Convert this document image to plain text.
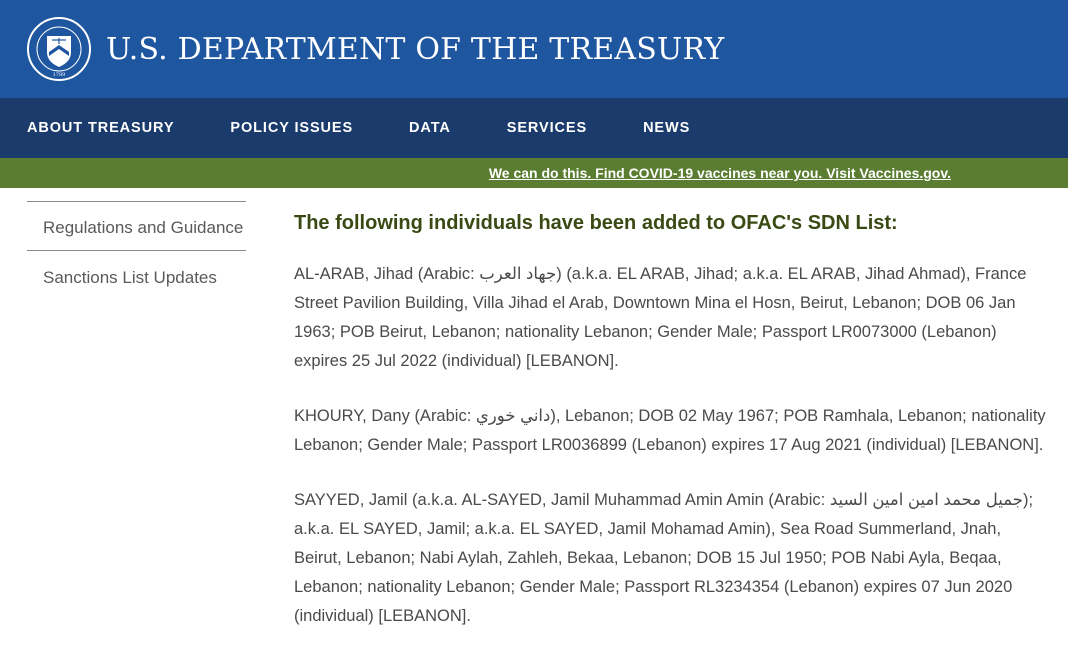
1789
U.S. DEPARTMENT OF THE TREASURY
ABOUT TREASURY	POLICY ISSUES	DATA	SERVICES	NEWS
We can do this. Find COVID-19 vaccines near you. Visit Vaccines.gov.
Regulations and Guidance
Sanctions List Updates
The following individuals have been added to OFAC's SDN List:

AL-ARAB, Jihad (Arabic: جهاد العرب) (a.k.a. EL ARAB, Jihad; a.k.a. EL ARAB, Jihad Ahmad), France Street Pavilion Building, Villa Jihad el Arab, Downtown Mina el Hosn, Beirut, Lebanon; DOB 06 Jan 1963; POB Beirut, Lebanon; nationality Lebanon; Gender Male; Passport LR0073000 (Lebanon) expires 25 Jul 2022 (individual) [LEBANON].

KHOURY, Dany (Arabic: داني خوري), Lebanon; DOB 02 May 1967; POB Ramhala, Lebanon; nationality Lebanon; Gender Male; Passport LR0036899 (Lebanon) expires 17 Aug 2021 (individual) [LEBANON].

SAYYED, Jamil (a.k.a. AL-SAYED, Jamil Muhammad Amin Amin (Arabic: جميل محمد امين امين السيد); a.k.a. EL SAYED, Jamil; a.k.a. EL SAYED, Jamil Mohamad Amin), Sea Road Summerland, Jnah, Beirut, Lebanon; Nabi Aylah, Zahleh, Bekaa, Lebanon; DOB 15 Jul 1950; POB Nabi Ayla, Beqaa, Lebanon; nationality Lebanon; Gender Male; Passport RL3234354 (Lebanon) expires 07 Jun 2020 (individual) [LEBANON].
